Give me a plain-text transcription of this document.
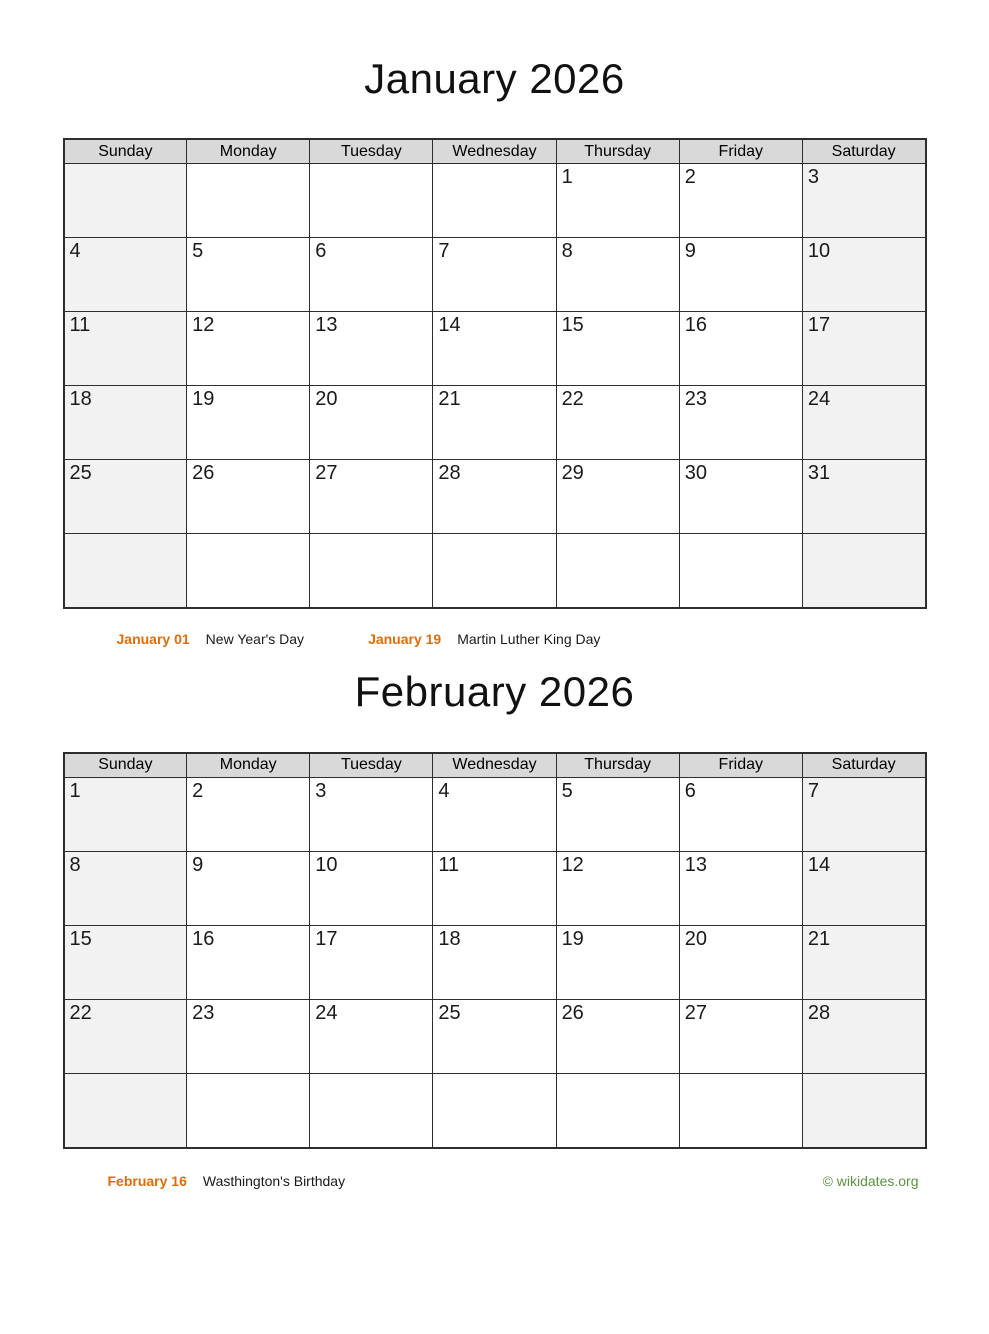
January 2026
Sunday	Monday	Tuesday	Wednesday	Thursday	Friday	Saturday
				1	2	3
4	5	6	7	8	9	10
11	12	13	14	15	16	17
18	19	20	21	22	23	24
25	26	27	28	29	30	31

January 01 New Year's Day	January 19 Martin Luther King Day
February 2026
Sunday	Monday	Tuesday	Wednesday	Thursday	Friday	Saturday
1	2	3	4	5	6	7
8	9	10	11	12	13	14
15	16	17	18	19	20	21
22	23	24	25	26	27	28

February 16 Wasthington's Birthday	© wikidates.org
